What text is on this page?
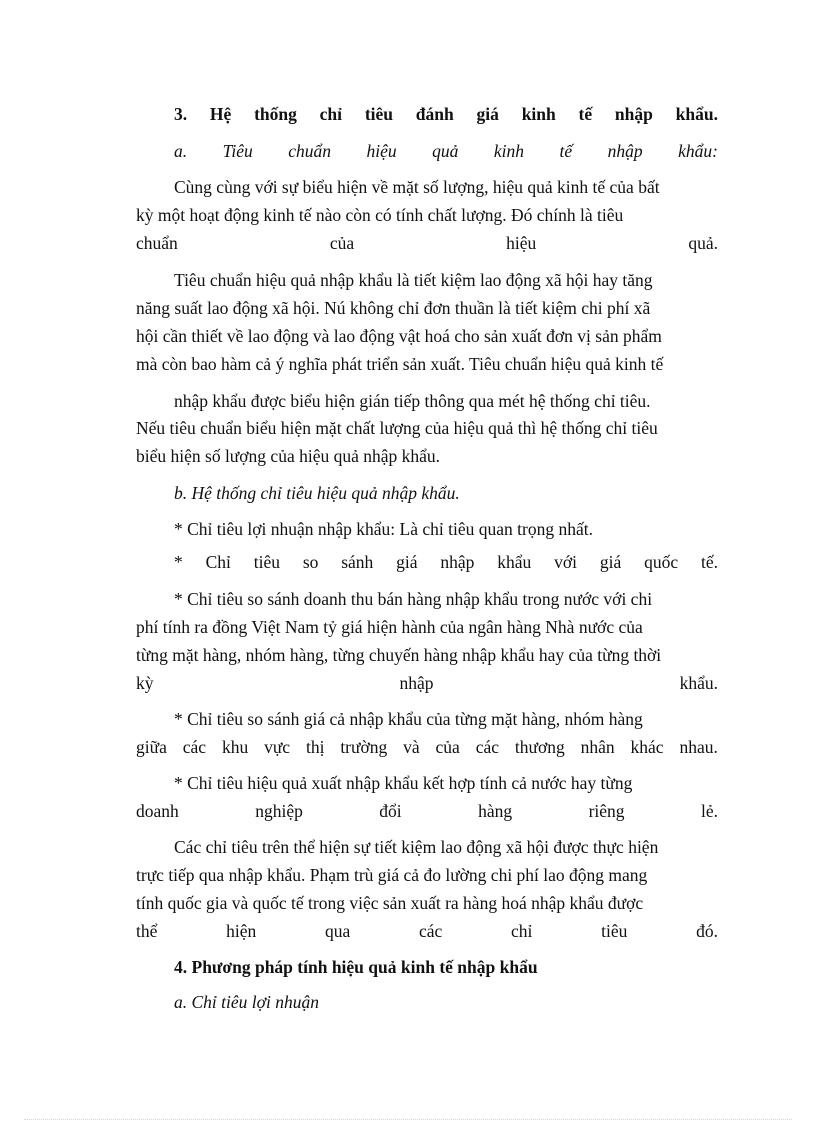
3. Hệ thống chỉ tiêu đánh giá kinh tế nhập khẩu.
a. Tiêu chuẩn hiệu quả kinh tế nhập khẩu:
Cùng cùng với sự biểu hiện về mặt số lượng, hiệu quả kinh tế của bất
kỳ một hoạt động kinh tế nào còn có tính chất lượng. Đó chính là tiêu
chuẩn	của	hiệu	quả.
Tiêu chuẩn hiệu quả nhập khẩu là tiết kiệm lao động xã hội hay tăng
năng suất lao động xã hội. Nú không chỉ đơn thuần là tiết kiệm chi phí xã
hội cần thiết về lao động và lao động vật hoá cho sản xuất đơn vị sản phẩm
mà còn bao hàm cả ý nghĩa phát triển sản xuất. Tiêu chuẩn hiệu quả kinh tế
nhập khẩu được biểu hiện gián tiếp thông qua mét hệ thống chỉ tiêu.
Nếu tiêu chuẩn biểu hiện mặt chất lượng của hiệu quả thì hệ thống chỉ tiêu
biểu hiện số lượng của hiệu quả nhập khẩu.
b. Hệ thống chỉ tiêu hiệu quả nhập khẩu.
* Chỉ tiêu lợi nhuận nhập khẩu: Là chỉ tiêu quan trọng nhất.
* Chỉ tiêu so sánh giá nhập khẩu với giá quốc tế.
* Chỉ tiêu so sánh doanh thu bán hàng nhập khẩu trong nước với chi
phí tính ra đồng Việt Nam tỷ giá hiện hành của ngân hàng Nhà nước của
từng mặt hàng, nhóm hàng, từng chuyến hàng nhập khẩu hay của từng thời
kỳ	nhập	khẩu.
* Chỉ tiêu so sánh giá cả nhập khẩu của từng mặt hàng, nhóm hàng
giữa các khu vực thị trường và của các thương nhân khác nhau.
* Chỉ tiêu hiệu quả xuất nhập khẩu kết hợp tính cả nước hay từng
doanh	nghiệp	đổi	hàng	riêng	lẻ.
Các chỉ tiêu trên thể hiện sự tiết kiệm lao động xã hội được thực hiện
trực tiếp qua nhập khẩu. Phạm trù giá cả đo lường chi phí lao động mang
tính quốc gia và quốc tế trong việc sản xuất ra hàng hoá nhập khẩu được
thể	hiện	qua	các	chỉ	tiêu	đó.
4. Phương pháp tính hiệu quả kinh tế nhập khẩu
a. Chỉ tiêu lợi nhuận
